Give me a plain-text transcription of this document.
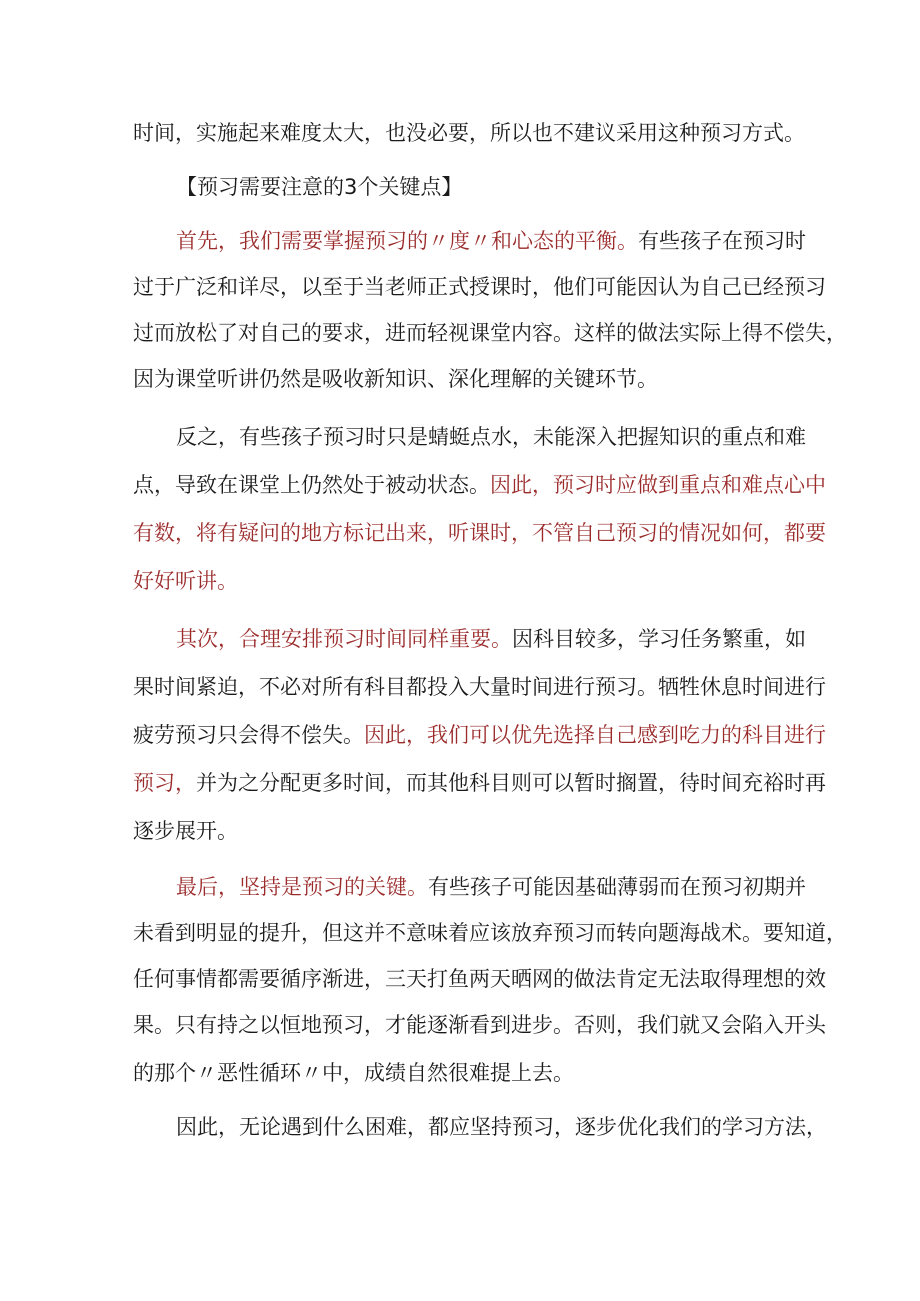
时间，实施起来难度太大，也没必要，所以也不建议采用这种预习方式。
【预习需要注意的3个关键点】
首先，我们需要掌握预习的〃度〃和心态的平衡。有些孩子在预习时
过于广泛和详尽，以至于当老师正式授课时，他们可能因认为自己已经预习
过而放松了对自己的要求，进而轻视课堂内容。这样的做法实际上得不偿失，
因为课堂听讲仍然是吸收新知识、深化理解的关键环节。
反之，有些孩子预习时只是蜻蜓点水，未能深入把握知识的重点和难
点，导致在课堂上仍然处于被动状态。因此，预习时应做到重点和难点心中
有数，将有疑问的地方标记出来，听课时，不管自己预习的情况如何，都要
好好听讲。
其次，合理安排预习时间同样重要。因科目较多，学习任务繁重，如
果时间紧迫，不必对所有科目都投入大量时间进行预习。牺牲休息时间进行
疲劳预习只会得不偿失。因此，我们可以优先选择自己感到吃力的科目进行
预习，并为之分配更多时间，而其他科目则可以暂时搁置，待时间充裕时再
逐步展开。
最后，坚持是预习的关键。有些孩子可能因基础薄弱而在预习初期并
未看到明显的提升，但这并不意味着应该放弃预习而转向题海战术。要知道，
任何事情都需要循序渐进，三天打鱼两天晒网的做法肯定无法取得理想的效
果。只有持之以恒地预习，才能逐渐看到进步。否则，我们就又会陷入开头
的那个〃恶性循环〃中，成绩自然很难提上去。
因此，无论遇到什么困难，都应坚持预习，逐步优化我们的学习方法，
